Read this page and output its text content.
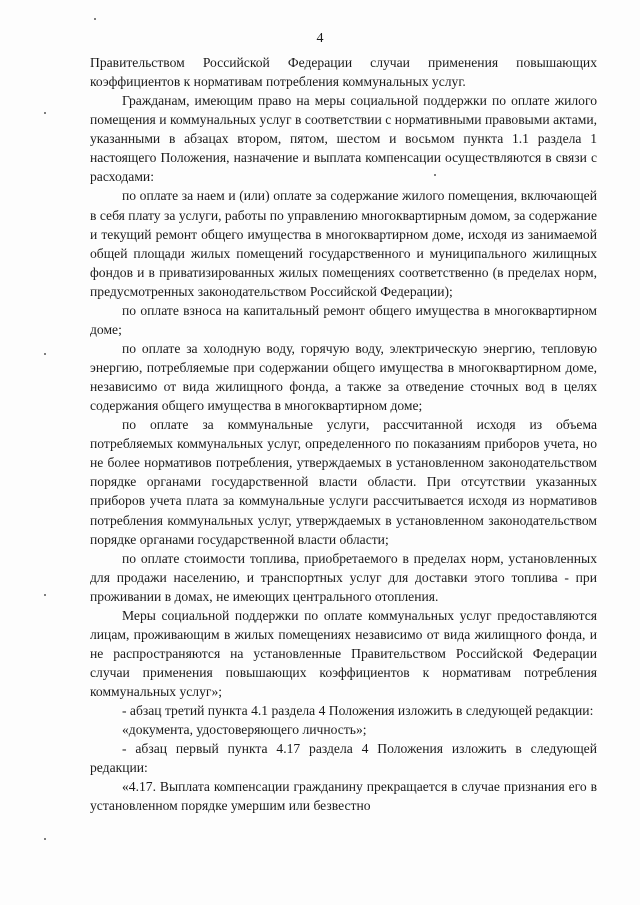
4

Правительством Российской Федерации случаи применения повышающих коэффициентов к нормативам потребления коммунальных услуг.

Гражданам, имеющим право на меры социальной поддержки по оплате жилого помещения и коммунальных услуг в соответствии с нормативными правовыми актами, указанными в абзацах втором, пятом, шестом и восьмом пункта 1.1 раздела 1 настоящего Положения, назначение и выплата компенсации осуществляются в связи с расходами:

по оплате за наем и (или) оплате за содержание жилого помещения, включающей в себя плату за услуги, работы по управлению многоквартирным домом, за содержание и текущий ремонт общего имущества в многоквартирном доме, исходя из занимаемой общей площади жилых помещений государственного и муниципального жилищных фондов и в приватизированных жилых помещениях соответственно (в пределах норм, предусмотренных законодательством Российской Федерации);

по оплате взноса на капитальный ремонт общего имущества в многоквартирном доме;

по оплате за холодную воду, горячую воду, электрическую энергию, тепловую энергию, потребляемые при содержании общего имущества в многоквартирном доме, независимо от вида жилищного фонда, а также за отведение сточных вод в целях содержания общего имущества в многоквартирном доме;

по оплате за коммунальные услуги, рассчитанной исходя из объема потребляемых коммунальных услуг, определенного по показаниям приборов учета, но не более нормативов потребления, утверждаемых в установленном законодательством порядке органами государственной власти области. При отсутствии указанных приборов учета плата за коммунальные услуги рассчитывается исходя из нормативов потребления коммунальных услуг, утверждаемых в установленном законодательством порядке органами государственной власти области;

по оплате стоимости топлива, приобретаемого в пределах норм, установленных для продажи населению, и транспортных услуг для доставки этого топлива - при проживании в домах, не имеющих центрального отопления.

Меры социальной поддержки по оплате коммунальных услуг предоставляются лицам, проживающим в жилых помещениях независимо от вида жилищного фонда, и не распространяются на установленные Правительством Российской Федерации случаи применения повышающих коэффициентов к нормативам потребления коммунальных услуг»;

- абзац третий пункта 4.1 раздела 4 Положения изложить в следующей редакции:

«документа, удостоверяющего личность»;

- абзац первый пункта 4.17 раздела 4 Положения изложить в следующей редакции:

«4.17. Выплата компенсации гражданину прекращается в случае признания его в установленном порядке умершим или безвестно
